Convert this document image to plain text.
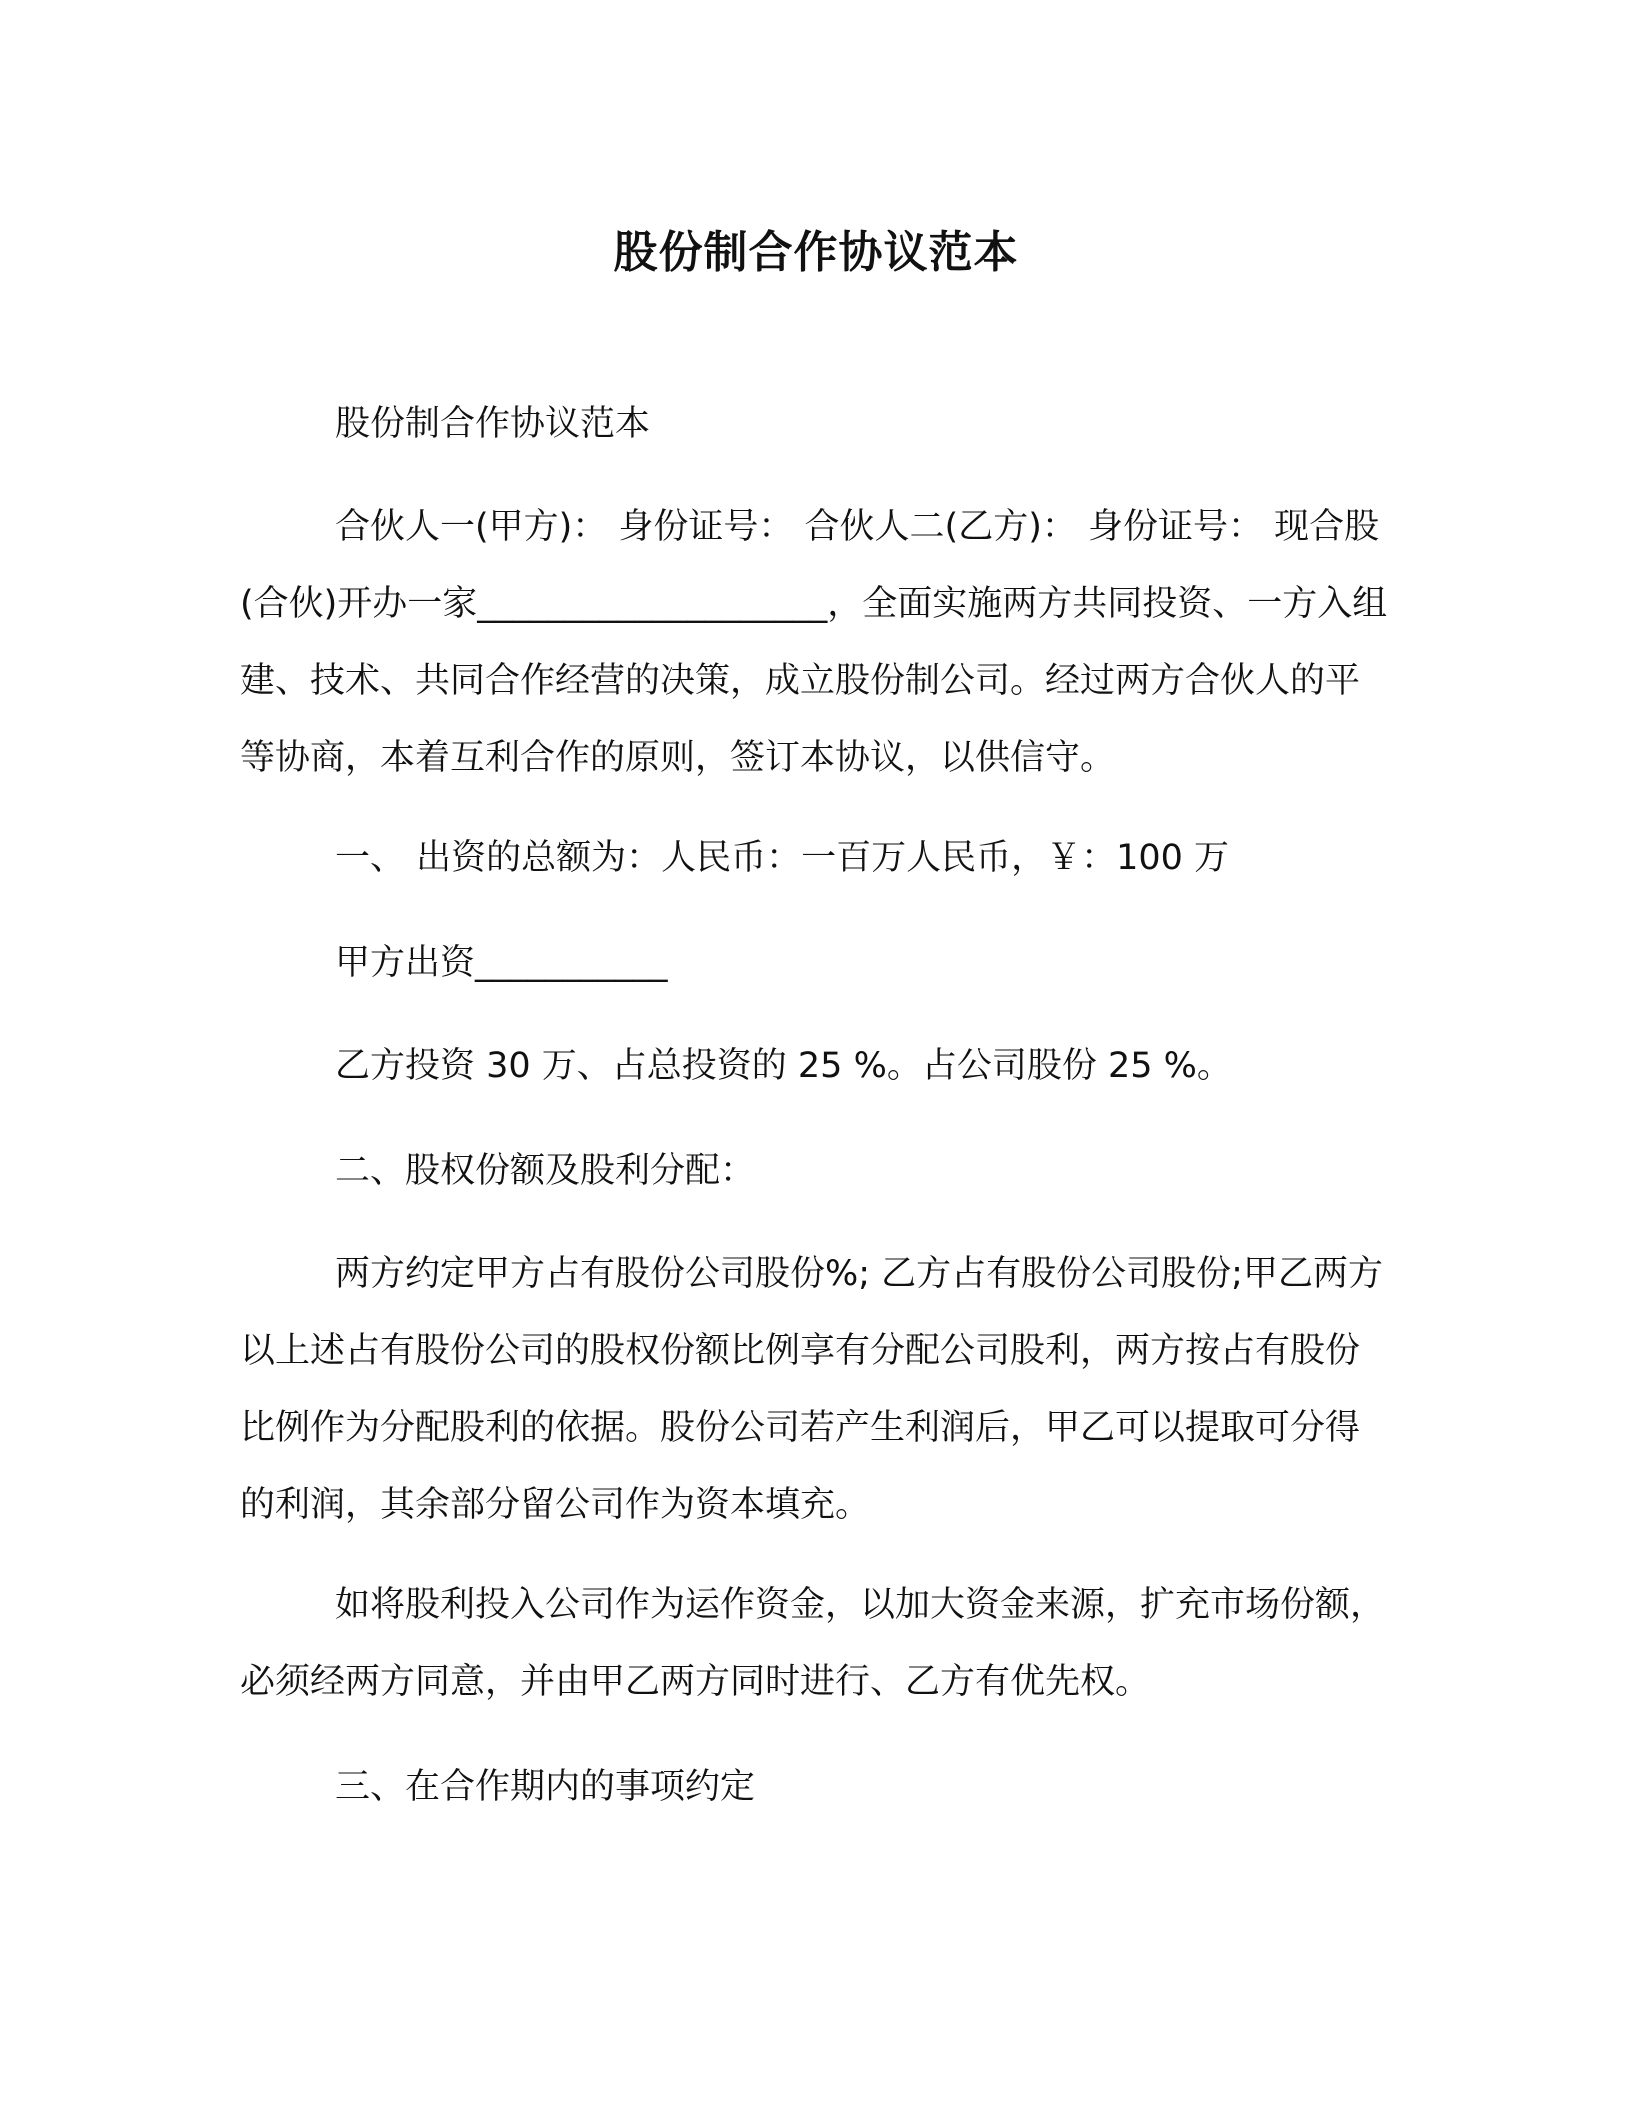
股份制合作协议范本

股份制合作协议范本

合伙人一(甲方)： 身份证号： 合伙人二(乙方)： 身份证号： 现合股(合伙)开办一家____________________，全面实施两方共同投资、一方入组建、技术、共同合作经营的决策，成立股份制公司。经过两方合伙人的平等协商，本着互利合作的原则，签订本协议，以供信守。

一、 出资的总额为：人民币：一百万人民币，￥：100 万

甲方出资___________

乙方投资 30 万、占总投资的 25 %。占公司股份 25 %。

二、股权份额及股利分配：

两方约定甲方占有股份公司股份%; 乙方占有股份公司股份;甲乙两方以上述占有股份公司的股权份额比例享有分配公司股利，两方按占有股份比例作为分配股利的依据。股份公司若产生利润后，甲乙可以提取可分得的利润，其余部分留公司作为资本填充。

如将股利投入公司作为运作资金，以加大资金来源，扩充市场份额，必须经两方同意，并由甲乙两方同时进行、乙方有优先权。

三、在合作期内的事项约定
